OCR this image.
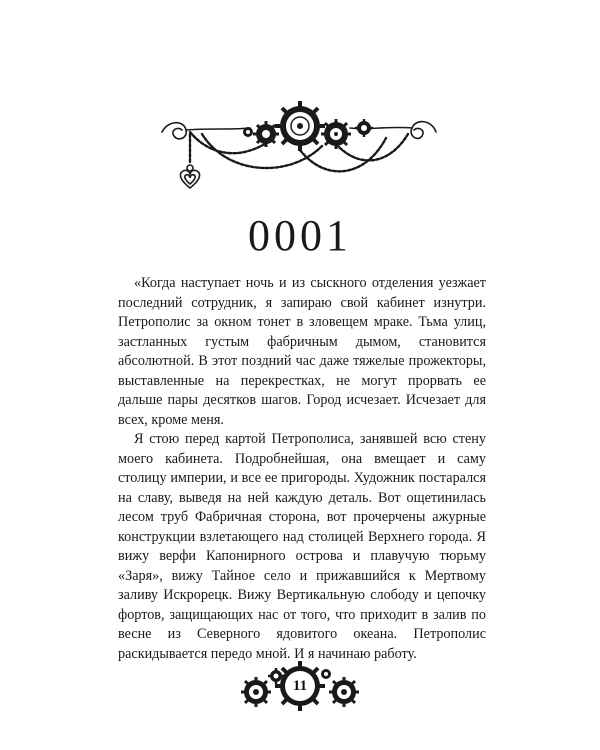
0001

«Когда наступает ночь и из сыскного отделения уезжает последний сотрудник, я запираю свой кабинет изнутри. Петрополис за окном тонет в зловещем мраке. Тьма улиц, застланных густым фабричным дымом, становится абсолютной. В этот поздний час даже тяжелые прожекторы, выставленные на перекрестках, не могут прорвать ее дальше пары десятков шагов. Город исчезает. Исчезает для всех, кроме меня.

Я стою перед картой Петрополиса, занявшей всю стену моего кабинета. Подробнейшая, она вмещает и саму столицу империи, и все ее пригороды. Художник постарался на славу, выведя на ней каждую деталь. Вот ощетинилась лесом труб Фабричная сторона, вот прочерчены ажурные конструкции взлетающего над столицей Верхнего города. Я вижу верфи Капонирного острова и плавучую тюрьму «Заря», вижу Тайное село и прижавшийся к Мертвому заливу Искрорецк. Вижу Вертикальную слободу и цепочку фортов, защищающих нас от того, что приходит в залив по весне из Северного ядовитого океана. Петрополис раскидывается передо мной. И я начинаю работу.

11
